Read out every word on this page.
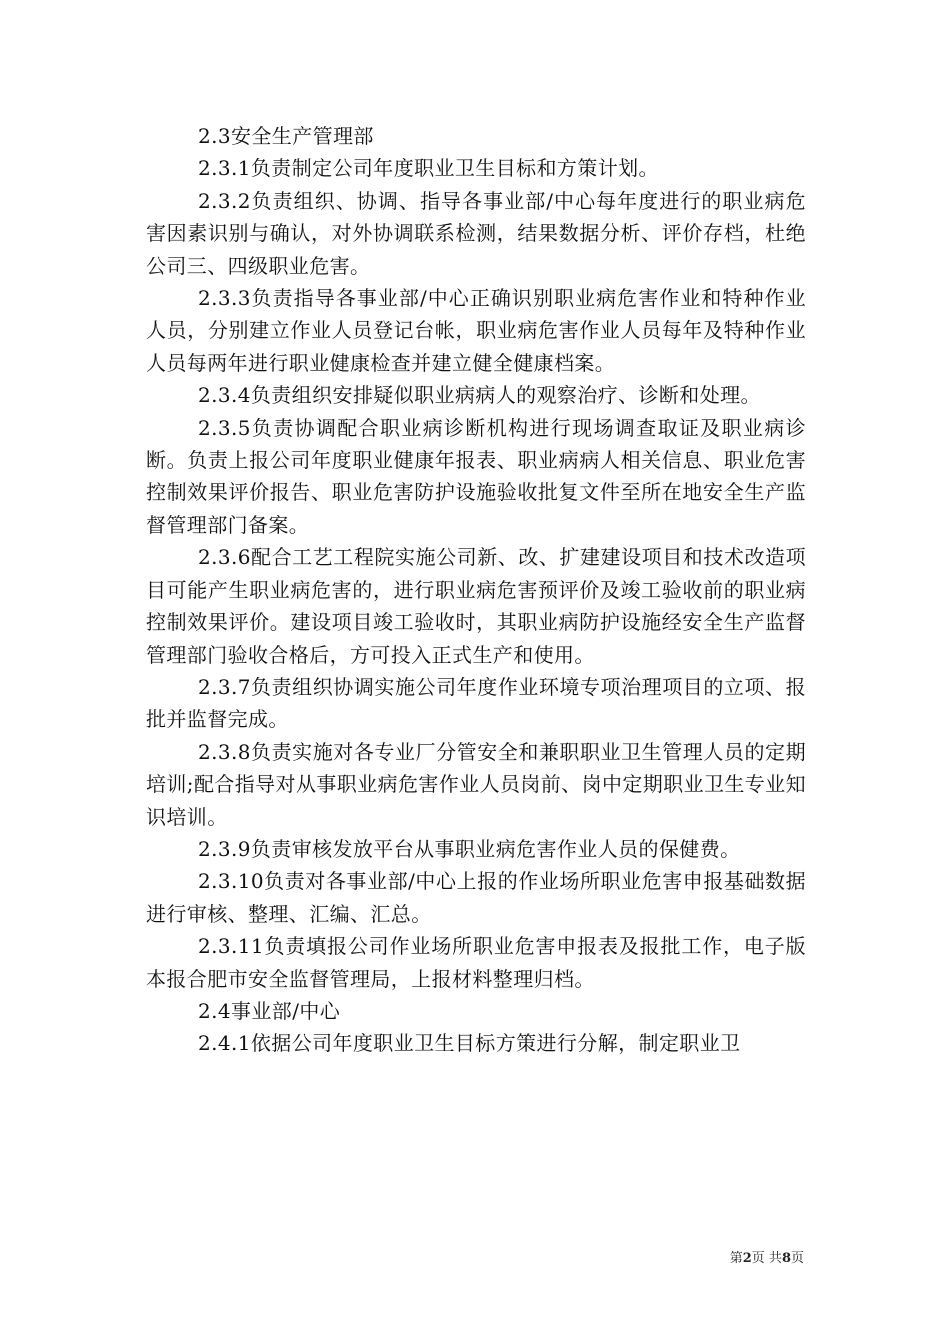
2.3安全生产管理部

2.3.1负责制定公司年度职业卫生目标和方策计划。

2.3.2负责组织、协调、指导各事业部/中心每年度进行的职业病危害因素识别与确认，对外协调联系检测，结果数据分析、评价存档，杜绝公司三、四级职业危害。

2.3.3负责指导各事业部/中心正确识别职业病危害作业和特种作业人员，分别建立作业人员登记台帐，职业病危害作业人员每年及特种作业人员每两年进行职业健康检查并建立健全健康档案。

2.3.4负责组织安排疑似职业病病人的观察治疗、诊断和处理。

2.3.5负责协调配合职业病诊断机构进行现场调查取证及职业病诊断。负责上报公司年度职业健康年报表、职业病病人相关信息、职业危害控制效果评价报告、职业危害防护设施验收批复文件至所在地安全生产监督管理部门备案。

2.3.6配合工艺工程院实施公司新、改、扩建建设项目和技术改造项目可能产生职业病危害的，进行职业病危害预评价及竣工验收前的职业病控制效果评价。建设项目竣工验收时，其职业病防护设施经安全生产监督管理部门验收合格后，方可投入正式生产和使用。

2.3.7负责组织协调实施公司年度作业环境专项治理项目的立项、报批并监督完成。

2.3.8负责实施对各专业厂分管安全和兼职职业卫生管理人员的定期培训;配合指导对从事职业病危害作业人员岗前、岗中定期职业卫生专业知识培训。

2.3.9负责审核发放平台从事职业病危害作业人员的保健费。

2.3.10负责对各事业部/中心上报的作业场所职业危害申报基础数据进行审核、整理、汇编、汇总。

2.3.11负责填报公司作业场所职业危害申报表及报批工作，电子版本报合肥市安全监督管理局，上报材料整理归档。

2.4事业部/中心

2.4.1依据公司年度职业卫生目标方策进行分解，制定职业卫

第2页 共8页
